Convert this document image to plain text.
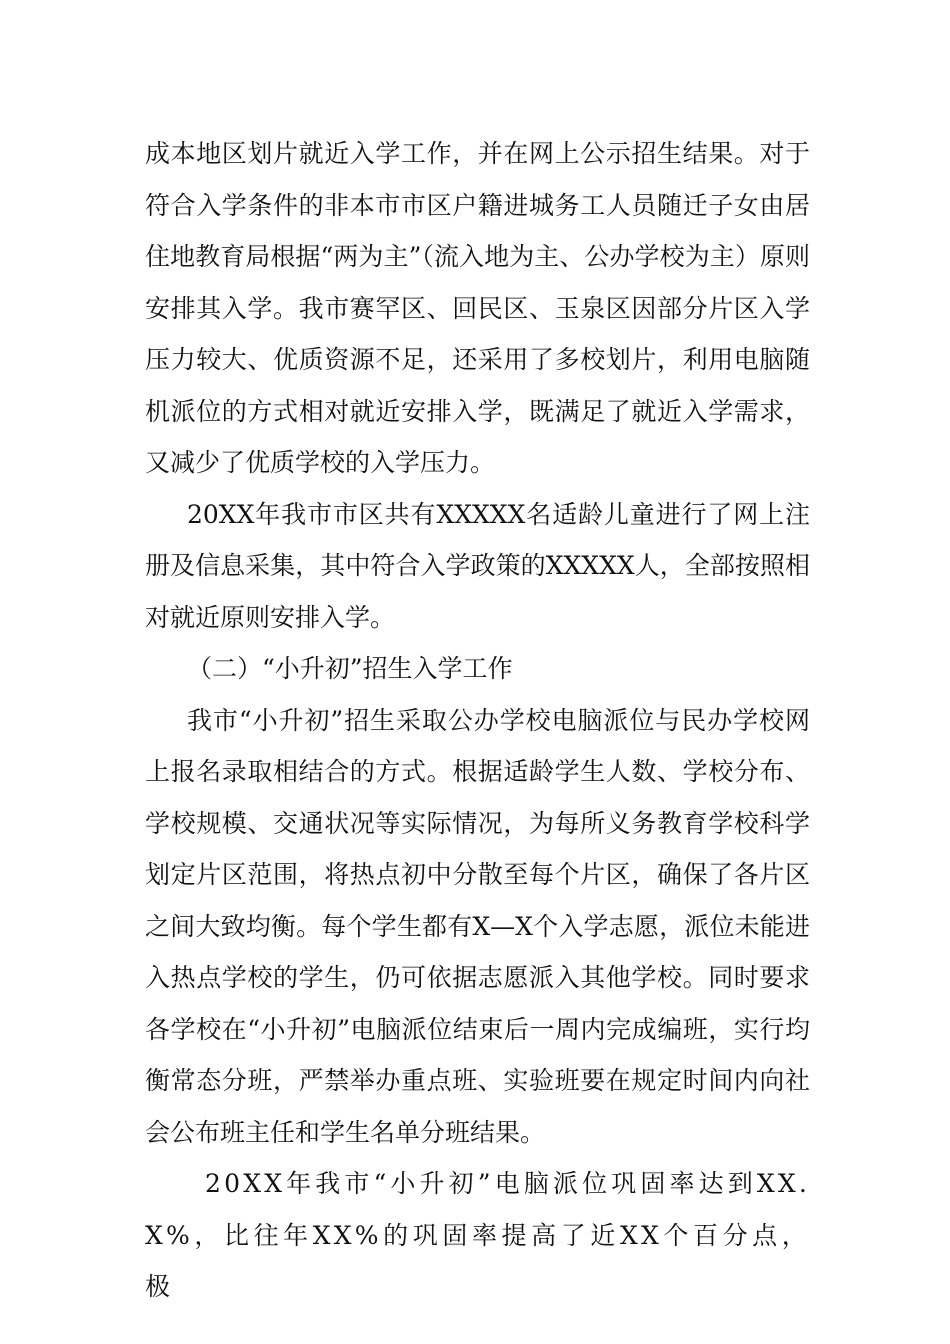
成本地区划片就近入学工作，并在网上公示招生结果。对于符合入学条件的非本市市区户籍进城务工人员随迁子女由居住地教育局根据“两为主”（流入地为主、公办学校为主）原则安排其入学。我市赛罕区、回民区、玉泉区因部分片区入学压力较大、优质资源不足，还采用了多校划片，利用电脑随机派位的方式相对就近安排入学，既满足了就近入学需求，又减少了优质学校的入学压力。

20XX年我市市区共有XXXXX名适龄儿童进行了网上注册及信息采集，其中符合入学政策的XXXXX人，全部按照相对就近原则安排入学。

（二）“小升初”招生入学工作

我市“小升初”招生采取公办学校电脑派位与民办学校网上报名录取相结合的方式。根据适龄学生人数、学校分布、学校规模、交通状况等实际情况，为每所义务教育学校科学划定片区范围，将热点初中分散至每个片区，确保了各片区之间大致均衡。每个学生都有X—X个入学志愿，派位未能进入热点学校的学生，仍可依据志愿派入其他学校。同时要求各学校在“小升初”电脑派位结束后一周内完成编班，实行均衡常态分班，严禁举办重点班、实验班要在规定时间内向社会公布班主任和学生名单分班结果。

20XX年我市“小升初”电脑派位巩固率达到XX.X%，比往年XX%的巩固率提高了近XX个百分点，极
